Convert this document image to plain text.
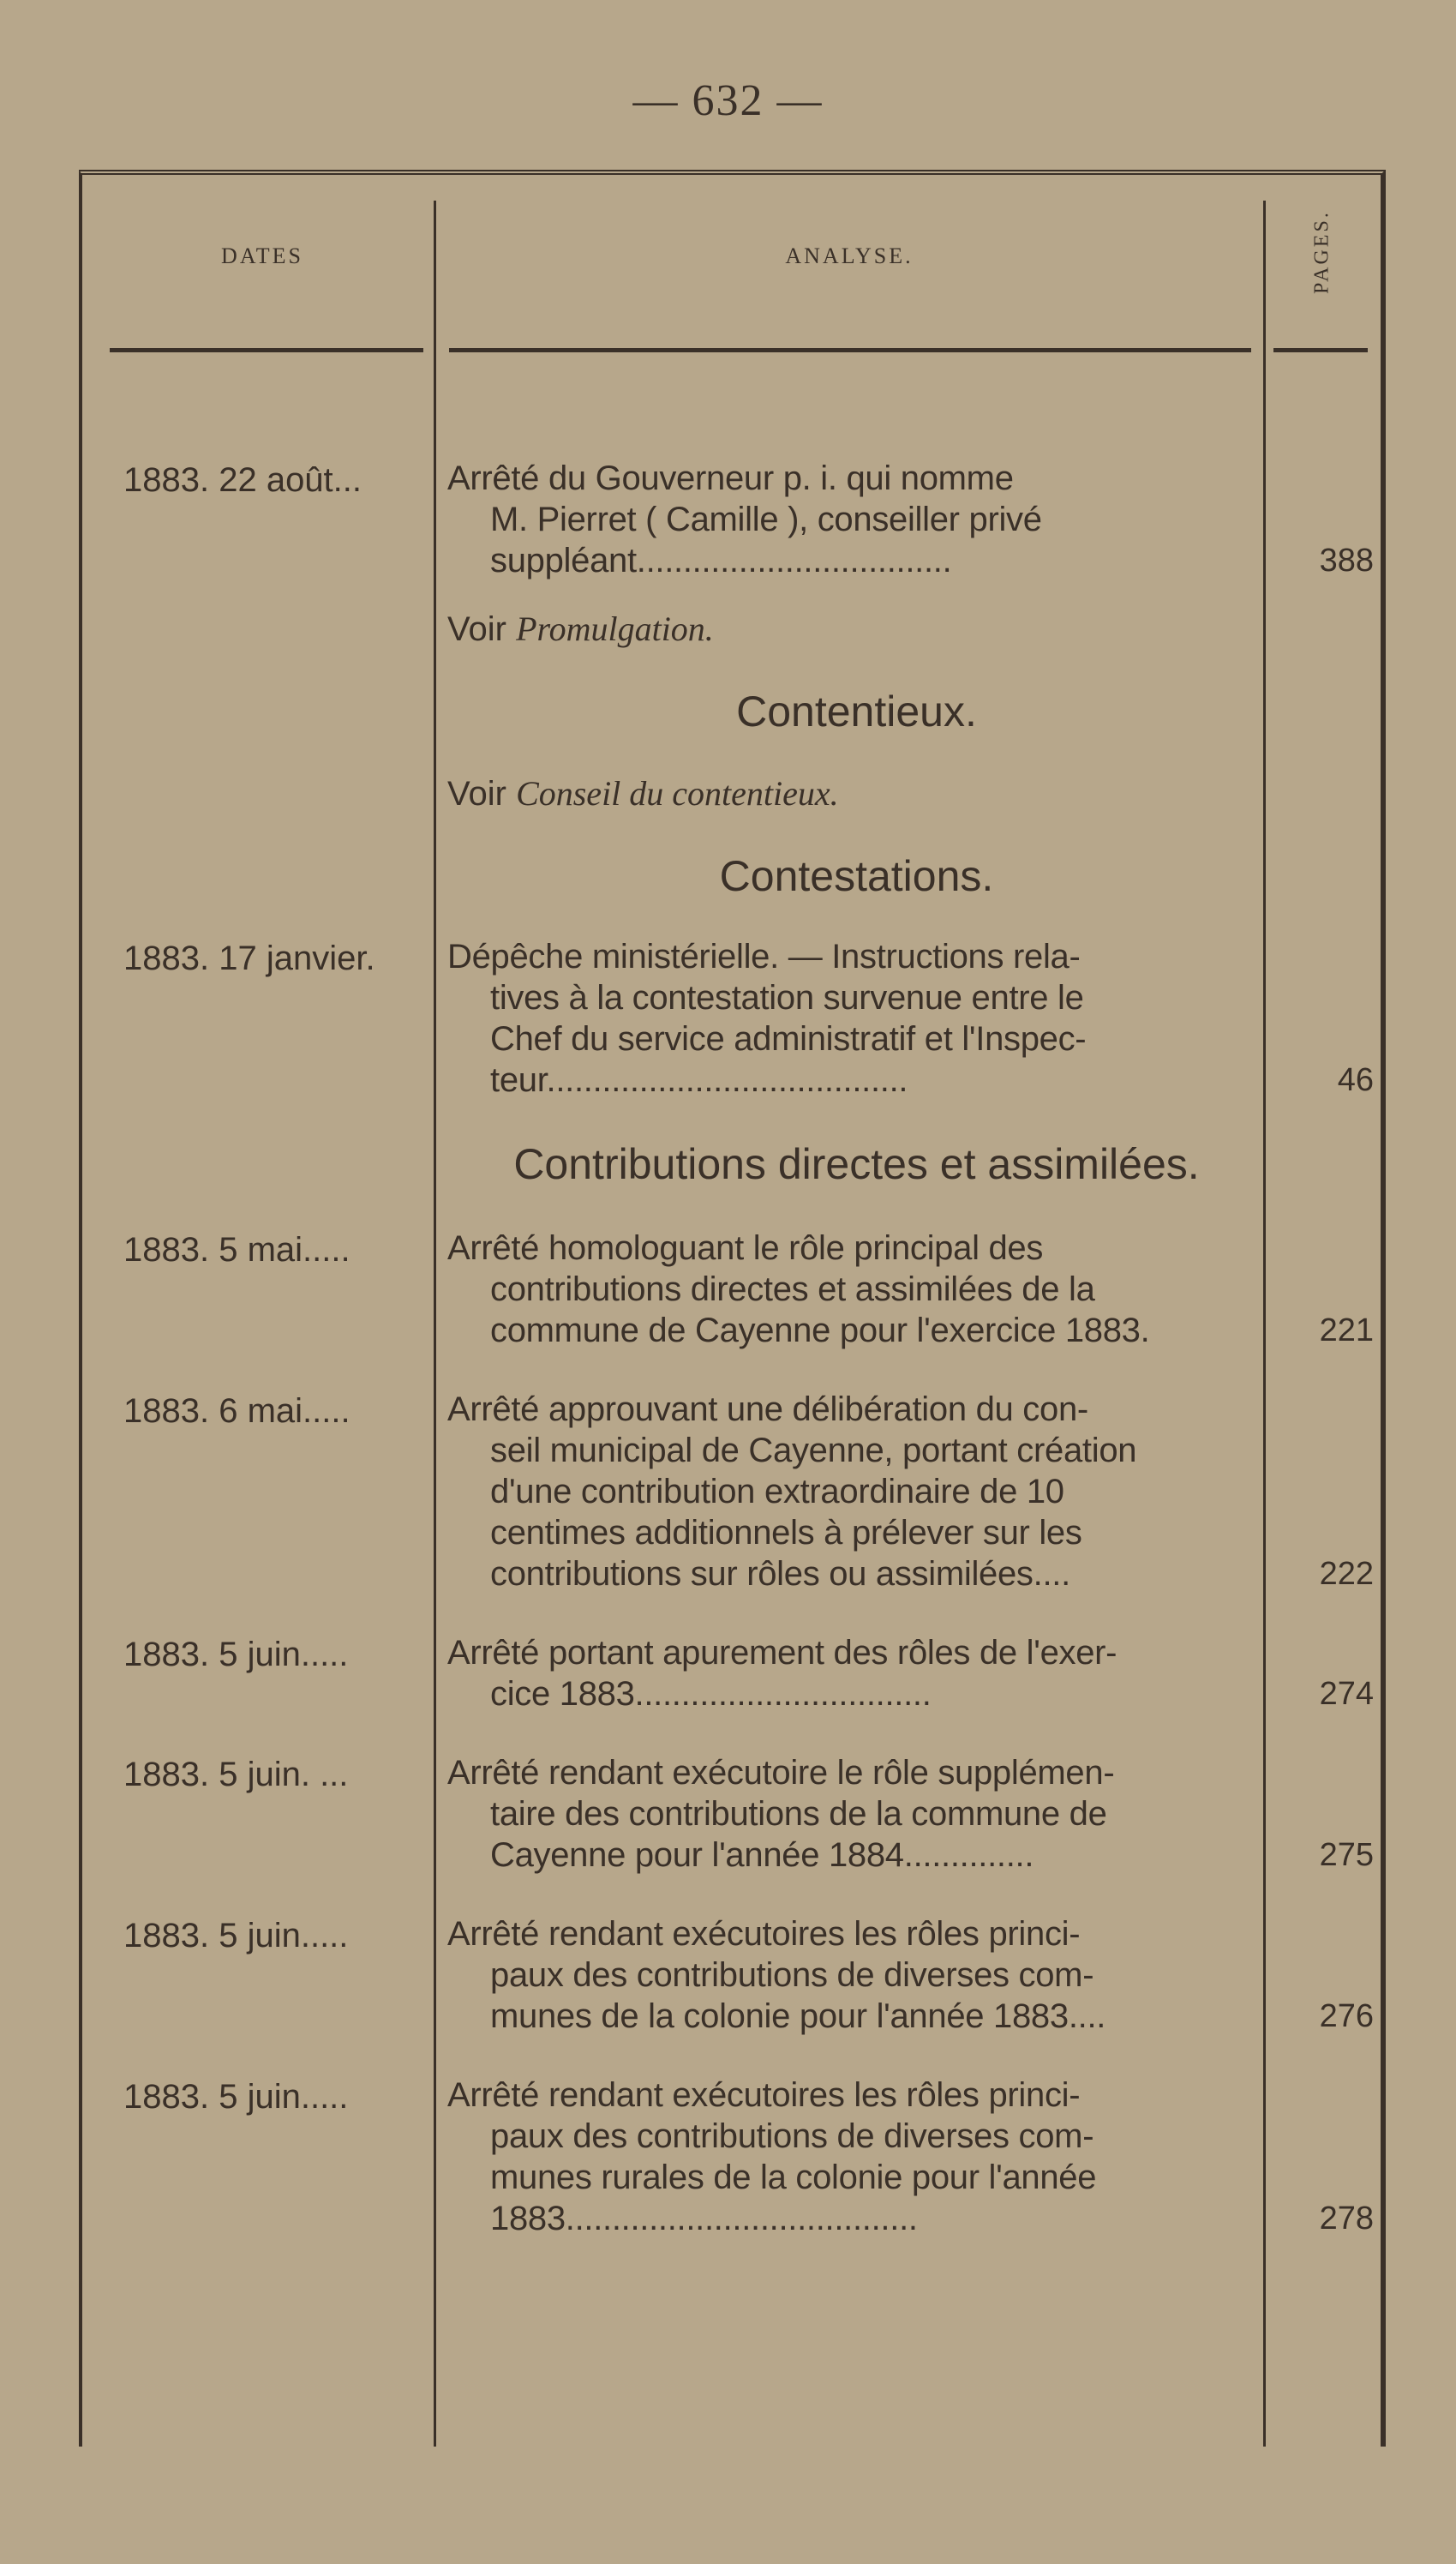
— 632 —
DATES	ANALYSE.	PAGES.
1883. 22 août...	Arrêté du Gouverneur p. i. qui nomme
M. Pierret ( Camille ), conseiller privé
suppléant..................................	388
Voir Promulgation.
Contentieux.
Voir Conseil du contentieux.
Contestations.
1883. 17 janvier.	Dépêche ministérielle. — Instructions rela-
tives à la contestation survenue entre le
Chef du service administratif et l'Inspec-
teur.......................................	46
Contributions directes et assimilées.
1883. 5 mai.....	Arrêté homologuant le rôle principal des
contributions directes et assimilées de la
commune de Cayenne pour l'exercice 1883.	221
1883. 6 mai.....	Arrêté approuvant une délibération du con-
seil municipal de Cayenne, portant création
d'une contribution extraordinaire de 10
centimes additionnels à prélever sur les
contributions sur rôles ou assimilées....	222
1883. 5 juin.....	Arrêté portant apurement des rôles de l'exer-
cice 1883................................	274
1883. 5 juin. ...	Arrêté rendant exécutoire le rôle supplémen-
taire des contributions de la commune de
Cayenne pour l'année 1884..............	275
1883. 5 juin.....	Arrêté rendant exécutoires les rôles princi-
paux des contributions de diverses com-
munes de la colonie pour l'année 1883....	276
1883. 5 juin.....	Arrêté rendant exécutoires les rôles princi-
paux des contributions de diverses com-
munes rurales de la colonie pour l'année
1883......................................	278
